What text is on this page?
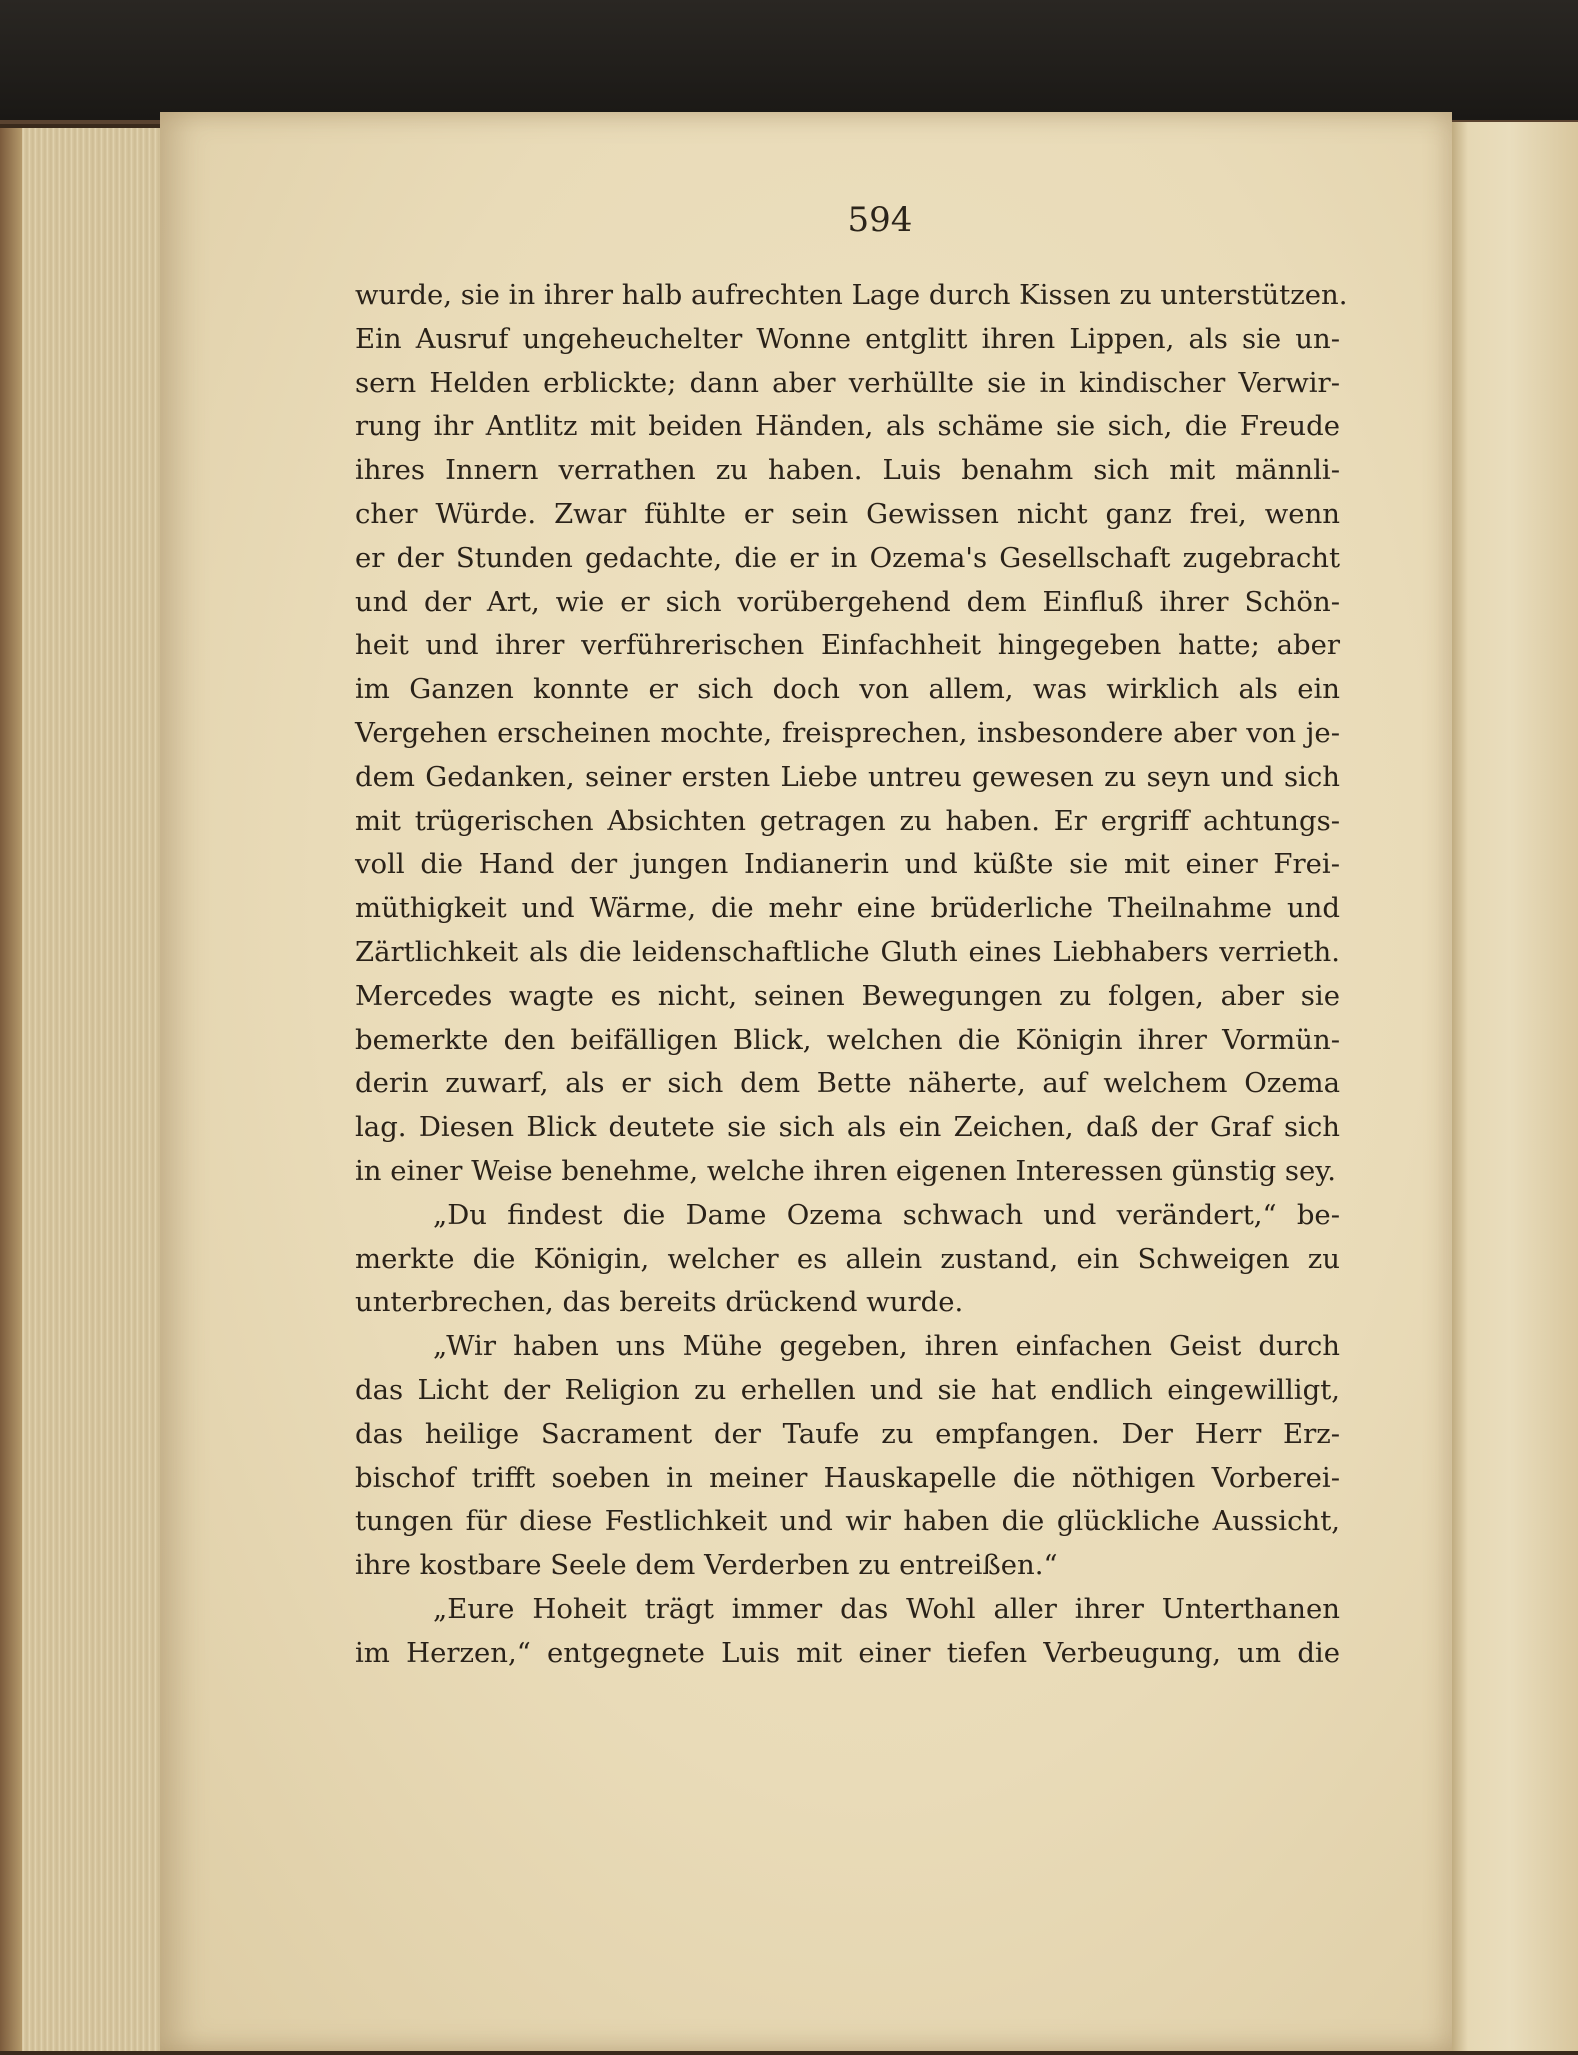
594
wurde, sie in ihrer halb aufrechten Lage durch Kissen zu unterstützen.
Ein Ausruf ungeheuchelter Wonne entglitt ihren Lippen, als sie un-
sern Helden erblickte; dann aber verhüllte sie in kindischer Verwir-
rung ihr Antlitz mit beiden Händen, als schäme sie sich, die Freude
ihres Innern verrathen zu haben. Luis benahm sich mit männli-
cher Würde. Zwar fühlte er sein Gewissen nicht ganz frei, wenn
er der Stunden gedachte, die er in Ozema's Gesellschaft zugebracht
und der Art, wie er sich vorübergehend dem Einfluß ihrer Schön-
heit und ihrer verführerischen Einfachheit hingegeben hatte; aber
im Ganzen konnte er sich doch von allem, was wirklich als ein
Vergehen erscheinen mochte, freisprechen, insbesondere aber von je-
dem Gedanken, seiner ersten Liebe untreu gewesen zu seyn und sich
mit trügerischen Absichten getragen zu haben. Er ergriff achtungs-
voll die Hand der jungen Indianerin und küßte sie mit einer Frei-
müthigkeit und Wärme, die mehr eine brüderliche Theilnahme und
Zärtlichkeit als die leidenschaftliche Gluth eines Liebhabers verrieth.
Mercedes wagte es nicht, seinen Bewegungen zu folgen, aber sie
bemerkte den beifälligen Blick, welchen die Königin ihrer Vormün-
derin zuwarf, als er sich dem Bette näherte, auf welchem Ozema
lag. Diesen Blick deutete sie sich als ein Zeichen, daß der Graf sich
in einer Weise benehme, welche ihren eigenen Interessen günstig sey.
„Du findest die Dame Ozema schwach und verändert,“ be-
merkte die Königin, welcher es allein zustand, ein Schweigen zu
unterbrechen, das bereits drückend wurde.
„Wir haben uns Mühe gegeben, ihren einfachen Geist durch
das Licht der Religion zu erhellen und sie hat endlich eingewilligt,
das heilige Sacrament der Taufe zu empfangen. Der Herr Erz-
bischof trifft soeben in meiner Hauskapelle die nöthigen Vorberei-
tungen für diese Festlichkeit und wir haben die glückliche Aussicht,
ihre kostbare Seele dem Verderben zu entreißen.“
„Eure Hoheit trägt immer das Wohl aller ihrer Unterthanen
im Herzen,“ entgegnete Luis mit einer tiefen Verbeugung, um die
